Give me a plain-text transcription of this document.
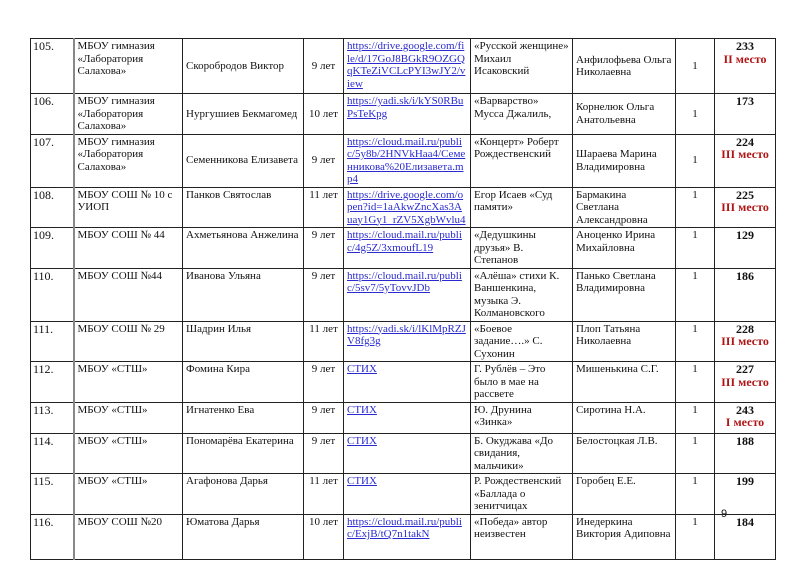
105.	МБОУ гимназия «Лаборатория Салахова»	Скоробродов Виктор	9 лет	https://drive.google.com/file/d/17GoJ8BGkR9OZGQqKTeZiVCLcPYI3wJY2/view	«Русской женщине» Михаил Исаковский	Анфилофьева Ольга Николаевна	1	233
II место

106.	МБОУ гимназия «Лаборатория Салахова»	Нургушиев Бекмагомед	10 лет	https://yadi.sk/i/kYS0RBuPsTeKpg	«Варварство» Мусса Джалиль,	Корнелюк Ольга Анатольевна	1	173
107.	МБОУ гимназия «Лаборатория Салахова»	Семенникова Елизавета	9 лет	https://cloud.mail.ru/public/5y8b/2HNVkHaa4/Семенникова%20Елизавета.mp4	«Концерт» Роберт Рождественский	Шараева Марина Владимировна	1	224
III место

108.	МБОУ СОШ № 10 с УИОП	Панков Святослав	11 лет	https://drive.google.com/open?id=1aAkwZncXas3Auay1Gy1_rZV5XgbWvlu4	Егор Исаев «Суд памяти»	Бармакина Светлана Александровна	1	225
III место

109.	МБОУ СОШ № 44	Ахметьянова Анжелина	9 лет	https://cloud.mail.ru/public/4g5Z/3xmoufL19	«Дедушкины друзья» В. Степанов	Аноценко Ирина Михайловна	1	129
110.	МБОУ СОШ №44	Иванова Ульяна	9 лет	https://cloud.mail.ru/public/5sv7/5yTovvJDb	«Алёша» стихи К. Ваншенкина, музыка Э. Колмановского	Панько Светлана Владимировна	1	186
111.	МБОУ СОШ № 29	Шадрин Илья	11 лет	https://yadi.sk/i/lKlMpRZJV8fg3g	«Боевое задание….» С. Сухонин	Плоп Татьяна Николаевна	1	228
III место

112.	МБОУ «СТШ»	Фомина Кира	9 лет	СТИХ	Г. Рублёв – Это было в мае на рассвете	Мишенькина С.Г.	1	227
III место

113.	МБОУ «СТШ»	Игнатенко Ева	9 лет	СТИХ	Ю. Друнина «Зинка»	Сиротина Н.А.	1	243
I место

114.	МБОУ «СТШ»	Пономарёва Екатерина	9 лет	СТИХ	Б. Окуджава «До свидания, мальчики»	Белостоцкая Л.В.	1	188
115.	МБОУ «СТШ»	Агафонова Дарья	11 лет	СТИХ	Р. Рождественский «Баллада о зенитчицах	Горобец Е.Е.	1	199
116.	МБОУ СОШ №20	Юматова Дарья	10 лет	https://cloud.mail.ru/public/ExjB/tQ7n1takN	«Победа» автор неизвестен	Инедеркина Виктория Адиповна	1	184
9
